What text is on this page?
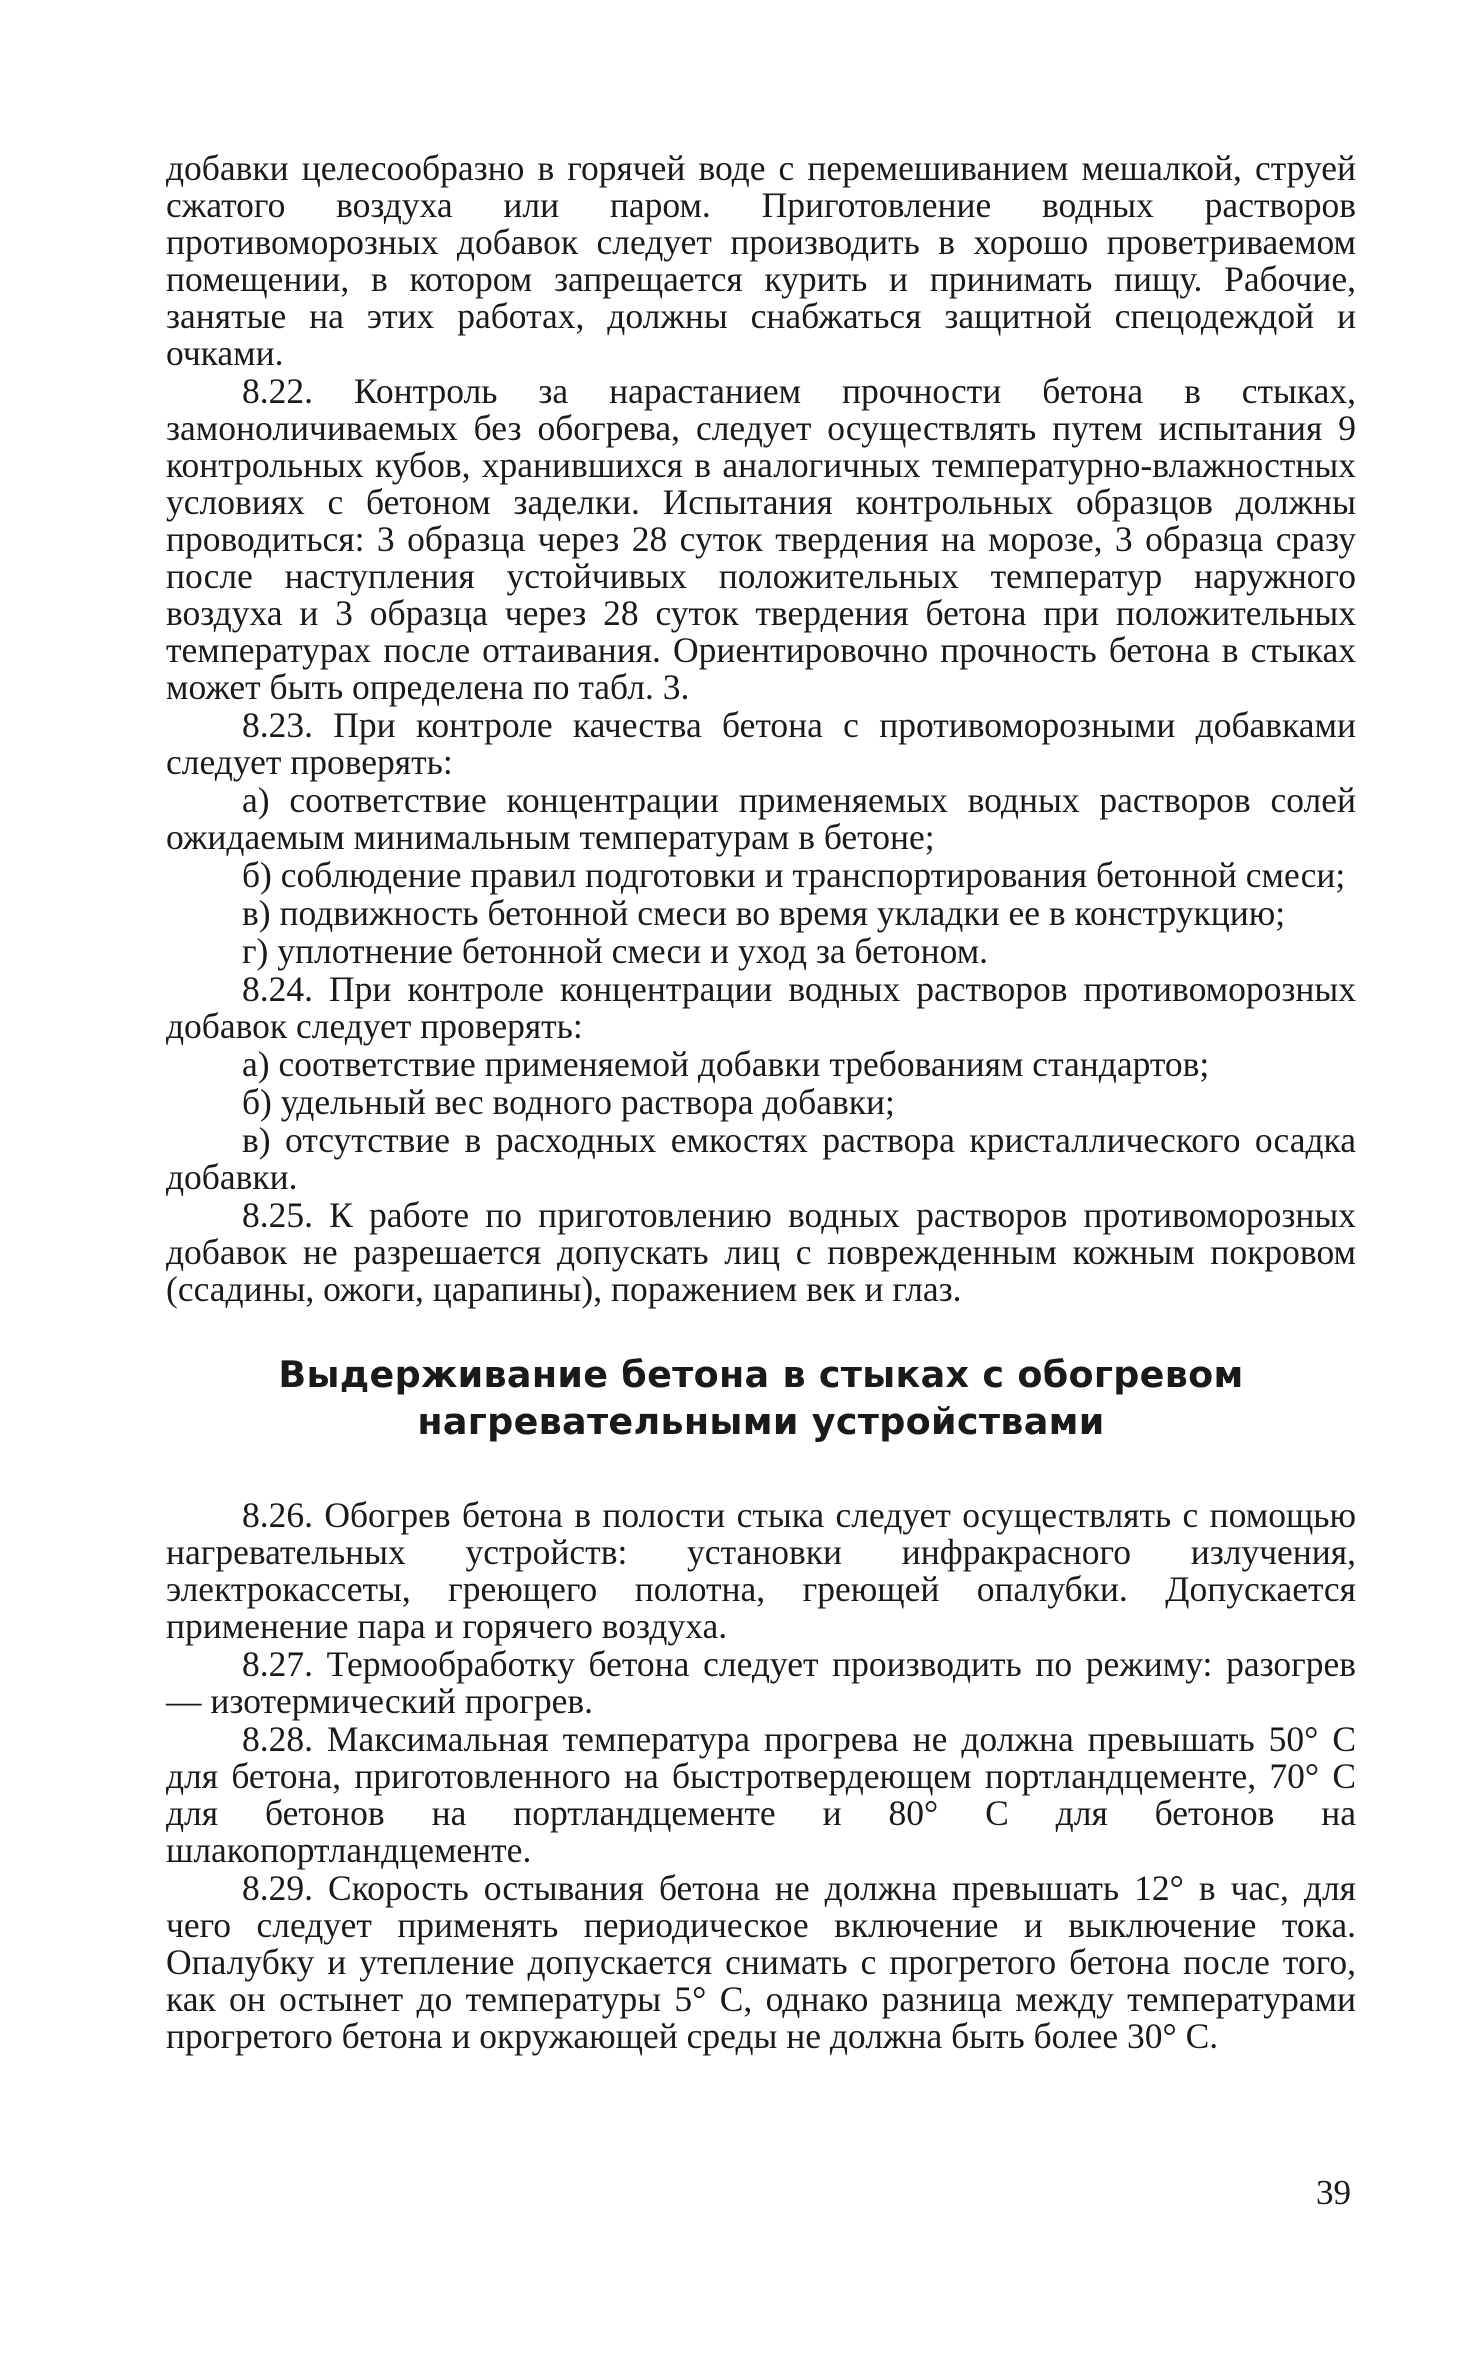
добавки целесообразно в горячей воде с перемешиванием мешалкой, струей сжатого воздуха или паром. Приготовление водных растворов противоморозных добавок следует производить в хорошо проветриваемом помещении, в котором запрещается курить и принимать пищу. Рабочие, занятые на этих работах, должны снабжаться защитной спецодеждой и очками.

8.22. Контроль за нарастанием прочности бетона в стыках, замоноличиваемых без обогрева, следует осуществлять путем испытания 9 контрольных кубов, хранившихся в аналогичных температурно-влажностных условиях с бетоном заделки. Испытания контрольных образцов должны проводиться: 3 образца через 28 суток твердения на морозе, 3 образца сразу после наступления устойчивых положительных температур наружного воздуха и 3 образца через 28 суток твердения бетона при положительных температурах после оттаивания. Ориентировочно прочность бетона в стыках может быть определена по табл. 3.

8.23. При контроле качества бетона с противоморозными добавками следует проверять:

а) соответствие концентрации применяемых водных растворов солей ожидаемым минимальным температурам в бетоне;

б) соблюдение правил подготовки и транспортирования бетонной смеси;

в) подвижность бетонной смеси во время укладки ее в конструкцию;

г) уплотнение бетонной смеси и уход за бетоном.

8.24. При контроле концентрации водных растворов противоморозных добавок следует проверять:

а) соответствие применяемой добавки требованиям стандартов;

б) удельный вес водного раствора добавки;

в) отсутствие в расходных емкостях раствора кристаллического осадка добавки.

8.25. К работе по приготовлению водных растворов противоморозных добавок не разрешается допускать лиц с поврежденным кожным покровом (ссадины, ожоги, царапины), поражением век и глаз.

Выдерживание бетона в стыках с обогревом
нагревательными устройствами

8.26. Обогрев бетона в полости стыка следует осуществлять с помощью нагревательных устройств: установки инфракрасного излучения, электрокассеты, греющего полотна, греющей опалубки. Допускается применение пара и горячего воздуха.

8.27. Термообработку бетона следует производить по режиму: разогрев — изотермический прогрев.

8.28. Максимальная температура прогрева не должна превышать 50° С для бетона, приготовленного на быстротвердеющем портландцементе, 70° С для бетонов на портландцементе и 80° С для бетонов на шлакопортландцементе.

8.29. Скорость остывания бетона не должна превышать 12° в час, для чего следует применять периодическое включение и выключение тока. Опалубку и утепление допускается снимать с прогретого бетона после того, как он остынет до температуры 5° С, однако разница между температурами прогретого бетона и окружающей среды не должна быть более 30° С.

39
